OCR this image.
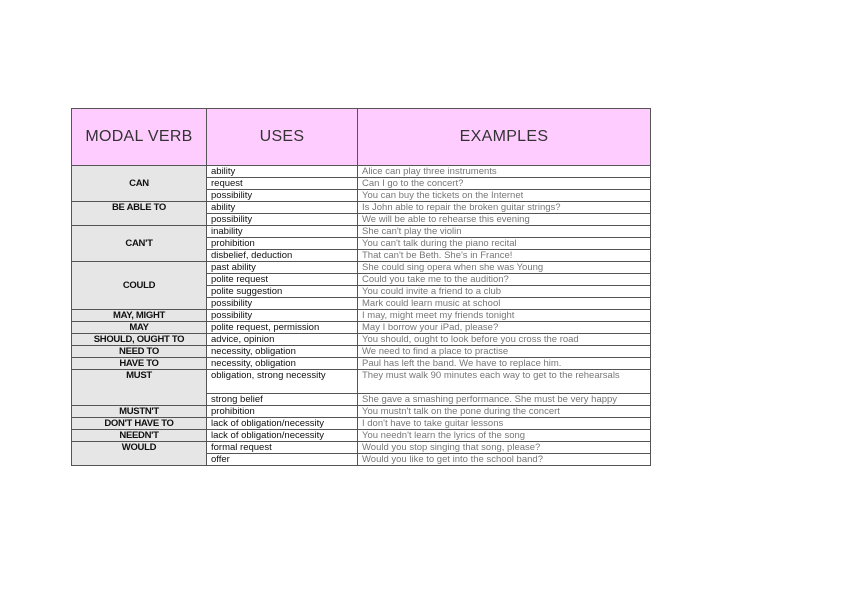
MODAL VERB	USES	EXAMPLES
CAN	ability	Alice can play three instruments
	request	Can I go to the concert?
	possibility	You can buy the tickets on the Internet
BE ABLE TO	ability	Is John able to repair the broken guitar strings?
	possibility	We will be able to rehearse this evening
CAN'T	inability	She can't play the violin
	prohibition	You can't talk during the piano recital
	disbelief, deduction	That can't be Beth. She's in France!
COULD	past ability	She could sing opera when she was Young
	polite request	Could you take me to the audition?
	polite suggestion	You could invite a friend to a club
	possibility	Mark could learn music at school
MAY, MIGHT	possibility	I may, might meet my friends tonight
MAY	polite request, permission	May I borrow your iPad, please?
SHOULD, OUGHT TO	advice, opinion	You should, ought to look before you cross the road
NEED TO	necessity, obligation	We need to find a place to practise
HAVE TO	necessity, obligation	Paul has left the band. We have to replace him.
MUST	obligation, strong necessity	They must walk 90 minutes each way to get to the rehearsals
	strong belief	She gave a smashing performance. She must be very happy
MUSTN'T	prohibition	You mustn't talk on the pone during the concert
DON'T HAVE TO	lack of obligation/necessity	I don't have to take guitar lessons
NEEDN'T	lack of obligation/necessity	You needn't learn the lyrics of the song
WOULD	formal request	Would you stop singing that song, please?
	offer	Would you like to get into the school band?
